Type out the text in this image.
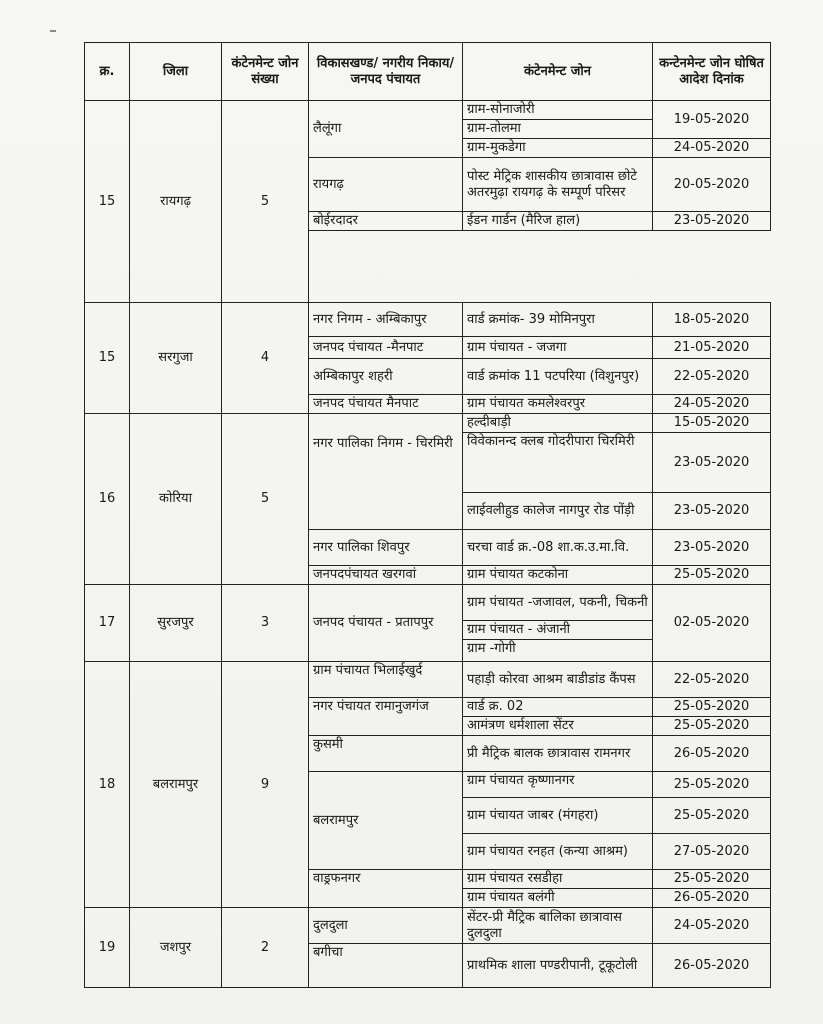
क्र.	जिला	कंटेनमेन्ट जोन संख्या	विकासखण्ड/ नगरीय निकाय/ जनपद पंचायत	कंटेनमेन्ट जोन	कन्टेनमेन्ट जोन घोषित आदेश दिनांक
15	रायगढ़	5	लैलूंगा	ग्राम-सोनाजोरी	19-05-2020
				ग्राम-तोलमा	
				ग्राम-मुकडेगा	24-05-2020
			रायगढ़	पोस्ट मेट्रिक शासकीय छात्रावास छोटे अतरमुढ़ा रायगढ़ के सम्पूर्ण परिसर	20-05-2020
			बोईरदादर	ईडन गार्डन (मैरिज हाल)	23-05-2020

15	सरगुजा	4	नगर निगम - अम्बिकापुर	वार्ड क्रमांक- 39 मोमिनपुरा	18-05-2020
			जनपद पंचायत -मैनपाट	ग्राम पंचायत - जजगा	21-05-2020
			अम्बिकापुर शहरी	वार्ड क्रमांक 11 पटपरिया (विशुनपुर)	22-05-2020
			जनपद पंचायत मैनपाट	ग्राम पंचायत कमलेश्वरपुर	24-05-2020
16	कोरिया	5	नगर पालिका निगम - चिरमिरी	हल्दीबाड़ी	15-05-2020
				विवेकानन्द क्लब गोदरीपारा चिरमिरी	23-05-2020
				लाईवलीहुड कालेज नागपुर रोड पोंड़ी	23-05-2020
			नगर पालिका शिवपुर	चरचा वार्ड क्र.-08 शा.क.उ.मा.वि.	23-05-2020
			जनपदपंचायत खरगवां	ग्राम पंचायत कटकोना	25-05-2020
17	सुरजपुर	3	जनपद पंचायत - प्रतापपुर	ग्राम पंचायत -जजावल, पकनी, चिकनी	02-05-2020
				ग्राम पंचायत - अंजानी	
				ग्राम -गोगी	
18	बलरामपुर	9	ग्राम पंचायत भिलाईखुर्द	पहाड़ी कोरवा आश्रम बाडीडांड कैंपस	22-05-2020
			नगर पंचायत रामानुजगंज	वार्ड क्र. 02	25-05-2020
				आमंत्रण धर्मशाला सेंटर	25-05-2020
			कुसमी	प्री मैट्रिक बालक छात्रावास रामनगर	26-05-2020
			बलरामपुर	ग्राम पंचायत कृष्णानगर	25-05-2020
				ग्राम पंचायत जाबर (मंगहरा)	25-05-2020
				ग्राम पंचायत रनहत (कन्या आश्रम)	27-05-2020
			वाड्रफनगर	ग्राम पंचायत रसडीहा	25-05-2020
				ग्राम पंचायत बलंगी	26-05-2020
19	जशपुर	2	दुलदुला	सेंटर-प्री मैट्रिक बालिका छात्रावास दुलदुला	24-05-2020
			बगीचा	प्राथमिक शाला पण्डरीपानी, टूकूटोली	26-05-2020
